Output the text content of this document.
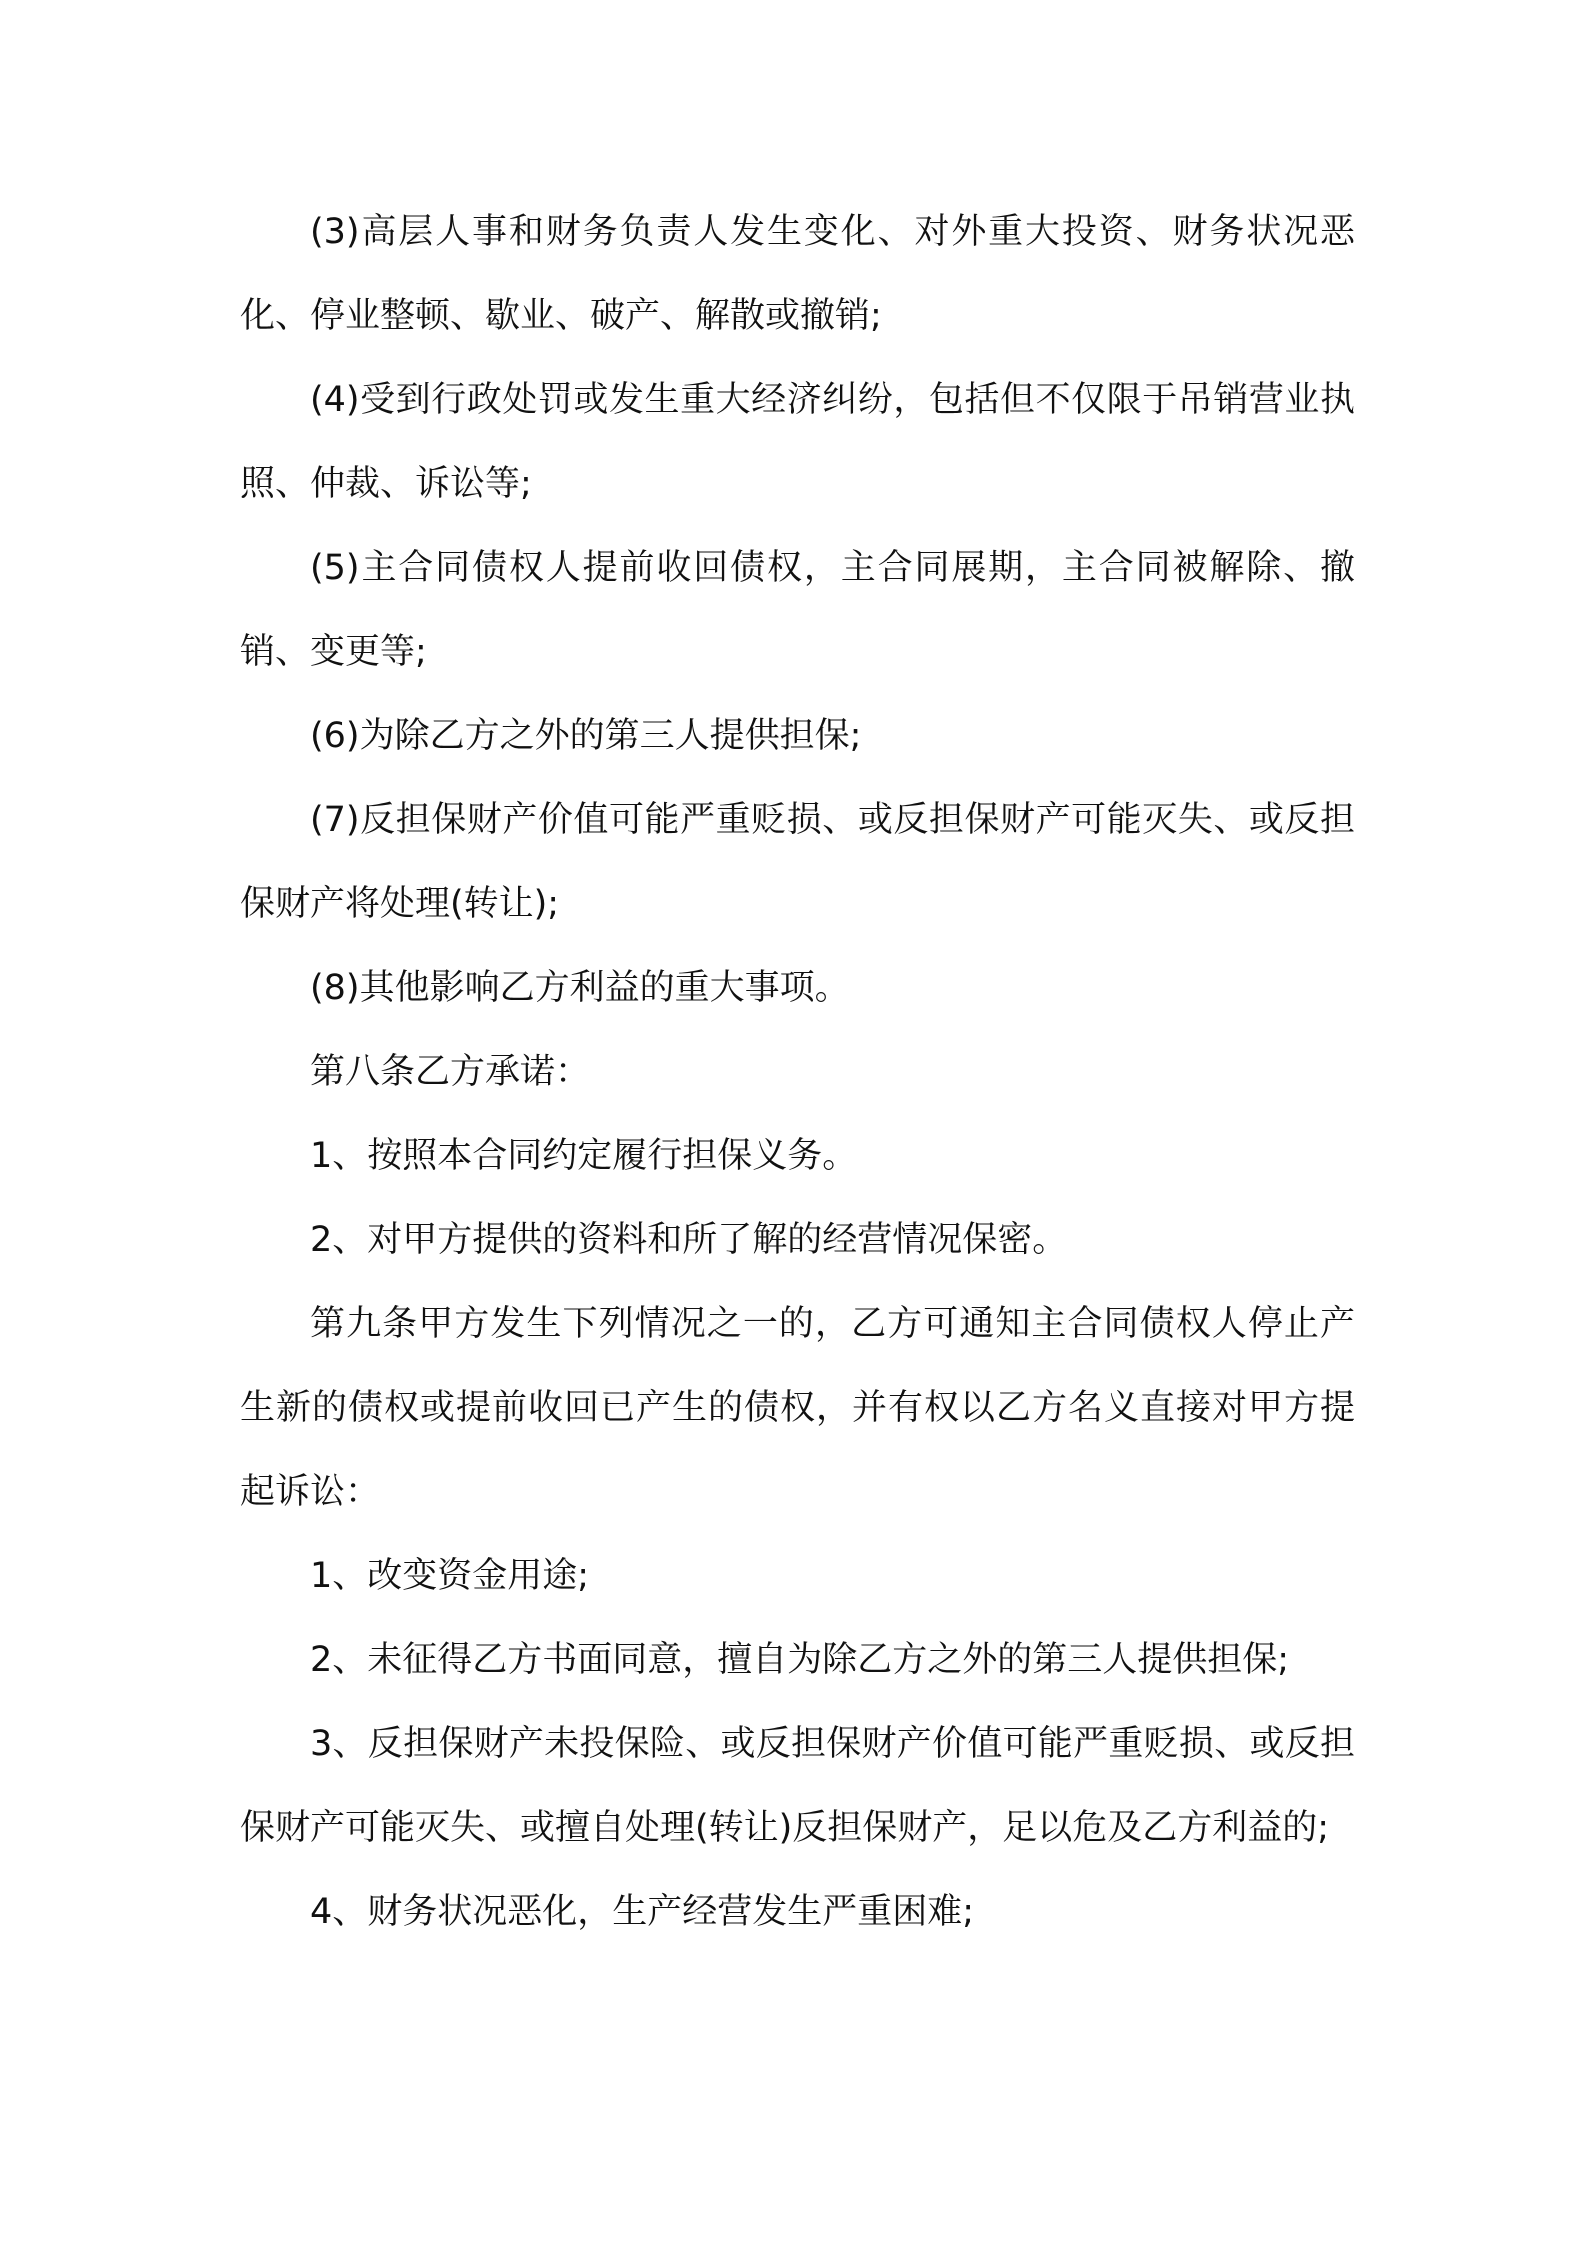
(3)高层人事和财务负责人发生变化、对外重大投资、财务状况恶化、停业整顿、歇业、破产、解散或撤销;

(4)受到行政处罚或发生重大经济纠纷，包括但不仅限于吊销营业执照、仲裁、诉讼等;

(5)主合同债权人提前收回债权，主合同展期，主合同被解除、撤销、变更等;

(6)为除乙方之外的第三人提供担保;

(7)反担保财产价值可能严重贬损、或反担保财产可能灭失、或反担保财产将处理(转让);

(8)其他影响乙方利益的重大事项。

第八条乙方承诺：

1、按照本合同约定履行担保义务。

2、对甲方提供的资料和所了解的经营情况保密。

第九条甲方发生下列情况之一的，乙方可通知主合同债权人停止产生新的债权或提前收回已产生的债权，并有权以乙方名义直接对甲方提起诉讼：

1、改变资金用途;

2、未征得乙方书面同意，擅自为除乙方之外的第三人提供担保;

3、反担保财产未投保险、或反担保财产价值可能严重贬损、或反担保财产可能灭失、或擅自处理(转让)反担保财产，足以危及乙方利益的;

4、财务状况恶化，生产经营发生严重困难;
